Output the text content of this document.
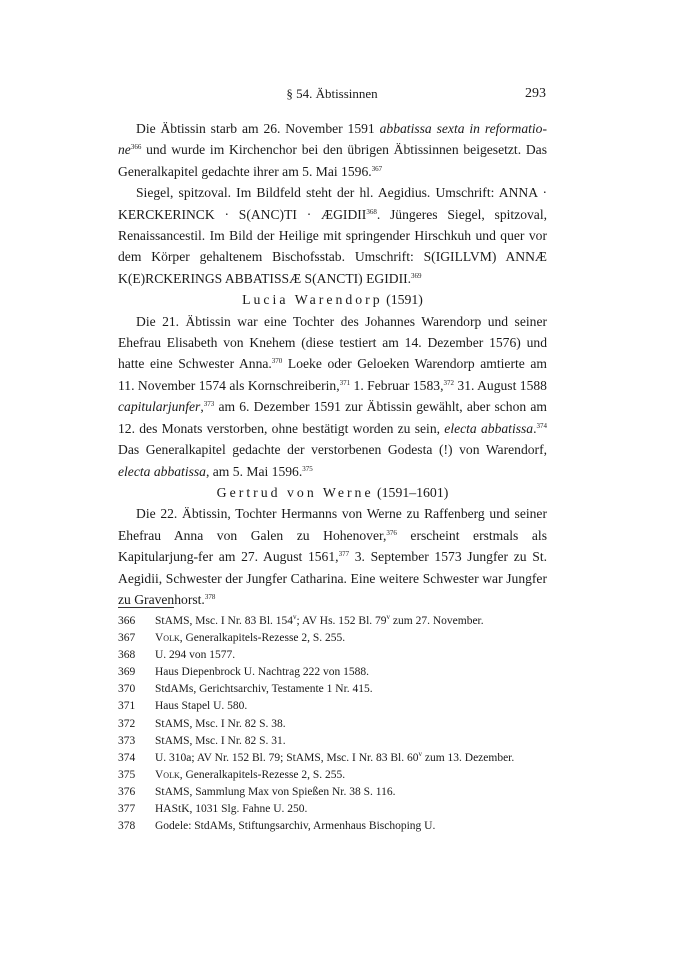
§ 54. Äbtissinnen	293

Die Äbtissin starb am 26. November 1591 abbatissa sexta in reformatio-$ne^{366}$ und wurde im Kirchenchor bei den übrigen Äbtissinnen beigesetzt. Das Generalkapitel gedachte ihrer am 5. Mai 1596.$^{367}$

Siegel, spitzoval. Im Bildfeld steht der hl. Aegidius. Umschrift: ANNA · KERCKERINCK · $S(ANC)TI \cdot ÆGIDII^{368}$. Jüngeres Siegel, spitzoval, Renaissancestil. Im Bild der Heilige mit springender Hirschkuh und quer vor dem Körper gehaltenem Bischofsstab. Umschrift: S(IGILLVM) ANNÆ K(E)RCKERINGS ABBATISSÆ S(ANCTI) EGIDII.$^{369}$

Lucia Warendorp (1591)

Die 21. Äbtissin war eine Tochter des Johannes Warendorp und seiner Ehefrau Elisabeth von Knehem (diese testiert am 14. Dezember 1576) und hatte eine Schwester Anna.$^{370}$ Loeke oder Geloeken Warendorp amtierte am 11. November 1574 als Kornschreiberin,$^{371}$ 1. Februar 1583,$^{372}$ 31. August 1588 capitularjunfer,$^{373}$ am 6. Dezember 1591 zur Äbtissin gewählt, aber schon am 12. des Monats verstorben, ohne bestätigt worden zu sein, electa abbatissa.$^{374}$ Das Generalkapitel gedachte der verstorbenen Godesta (!) von Warendorf, electa abbatissa, am 5. Mai 1596.$^{375}$

Gertrud von Werne (1591–1601)

Die 22. Äbtissin, Tochter Hermanns von Werne zu Raffenberg und seiner Ehefrau Anna von Galen zu Hohenover,$^{376}$ erscheint erstmals als Kapitularjung-fer am 27. August 1561,$^{377}$ 3. September 1573 Jungfer zu St. Aegidii, Schwester der Jungfer Catharina. Eine weitere Schwester war Jungfer zu Gravenhorst.$^{378}$

366	StAMS, Msc. I Nr. 83 Bl. 154$^v$; AV Hs. 152 Bl. 79$^v$ zum 27. November.
367	Volk, Generalkapitels-Rezesse 2, S. 255.
368	U. 294 von 1577.
369	Haus Diepenbrock U. Nachtrag 222 von 1588.
370	StdAMs, Gerichtsarchiv, Testamente 1 Nr. 415.
371	Haus Stapel U. 580.
372	StAMS, Msc. I Nr. 82 S. 38.
373	StAMS, Msc. I Nr. 82 S. 31.
374	U. 310a; AV Nr. 152 Bl. 79; StAMS, Msc. I Nr. 83 Bl. 60$^v$ zum 13. Dezember.
375	Volk, Generalkapitels-Rezesse 2, S. 255.
376	StAMS, Sammlung Max von Spießen Nr. 38 S. 116.
377	HAStK, 1031 Slg. Fahne U. 250.
378	Godele: StdAMs, Stiftungsarchiv, Armenhaus Bischoping U.
